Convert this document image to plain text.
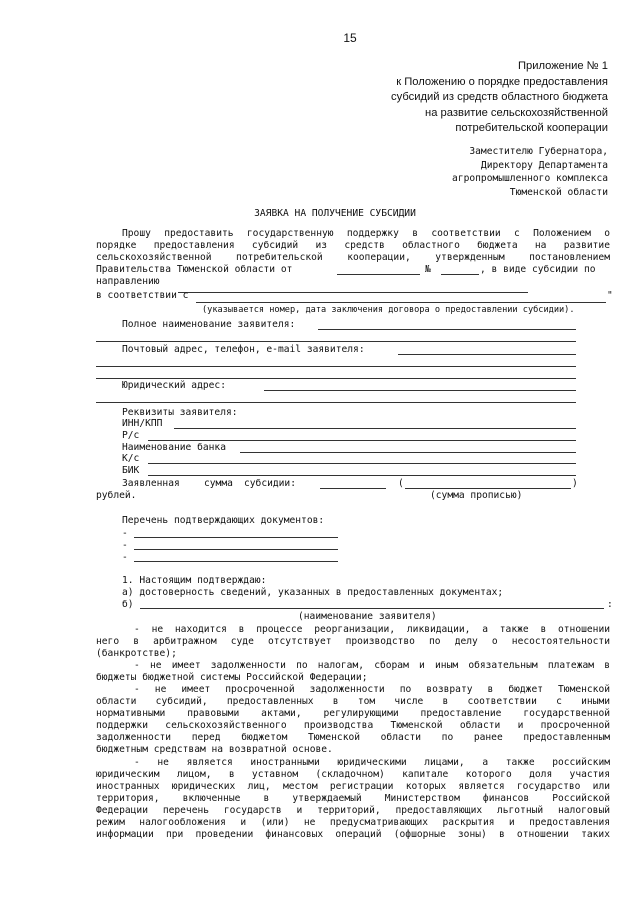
15
Приложение № 1
к Положению о порядке предоставления
субсидий из средств областного бюджета
на развитие сельскохозяйственной
потребительской кооперации
Заместителю Губернатора,
Директору Департамента
агропромышленного комплекса
Тюменской области
ЗАЯВКА НА ПОЛУЧЕНИЕ СУБСИДИИ
Прошу предоставить государственную поддержку в соответствии с Положением о
порядке предоставления субсидий из средств областного бюджета на развитие
сельскохозяйственной потребительской кооперации, утвержденным постановлением
Правительства Тюменской области от	№	, в виде субсидии по
направлению
в соответствии с	"
(указывается номер, дата заключения договора о предоставлении субсидии).
Полное наименование заявителя:
Почтовый адрес, телефон, e-mail заявителя:
Юридический адрес:
Реквизиты заявителя:
ИНН/КПП
Р/с
Наименование банка
К/с
БИК
Заявленная	сумма субсидии:	(	)
рублей.	(сумма прописью)
Перечень подтверждающих документов:
-
-
-
1. Настоящим подтверждаю:
а) достоверность сведений, указанных в предоставленных документах;
б)	:
(наименование заявителя)
- не находится в процессе реорганизации, ликвидации, а также в отношении
него в арбитражном суде отсутствует производство по делу о несостоятельности
(банкротстве);
- не имеет задолженности по налогам, сборам и иным обязательным платежам в
бюджеты бюджетной системы Российской Федерации;
- не имеет просроченной задолженности по возврату в бюджет Тюменской
области субсидий, предоставленных в том числе в соответствии с иными
нормативными правовыми актами, регулирующими предоставление государственной
поддержки сельскохозяйственного производства Тюменской области и просроченной
задолженности перед бюджетом Тюменской области по ранее предоставленным
бюджетным средствам на возвратной основе.
- не является иностранными юридическими лицами, а также российским
юридическим лицом, в уставном (складочном) капитале которого доля участия
иностранных юридических лиц, местом регистрации которых является государство или
территория, включенные в утверждаемый Министерством финансов Российской
Федерации перечень государств и территорий, предоставляющих льготный налоговый
режим налогообложения и (или) не предусматривающих раскрытия и предоставления
информации при проведении финансовых операций (офшорные зоны) в отношении таких
